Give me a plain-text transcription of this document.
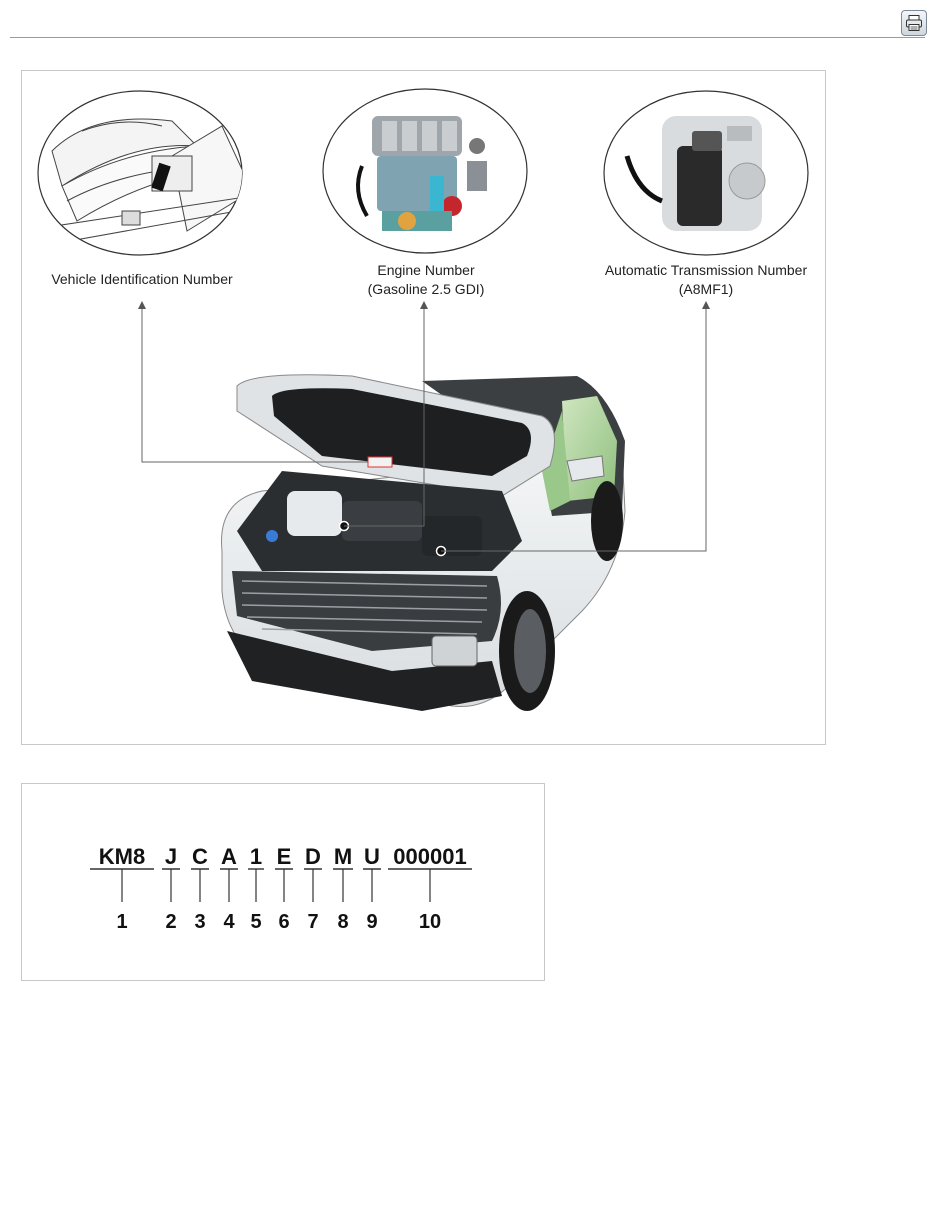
Vehicle Identification Number
Engine Number
(Gasoline 2.5 GDI)
Automatic Transmission Number
(A8MF1)
KM8
1
J
2
C
3
A
4
1
5
E
6
D
7
M
8
U
9
000001
10
